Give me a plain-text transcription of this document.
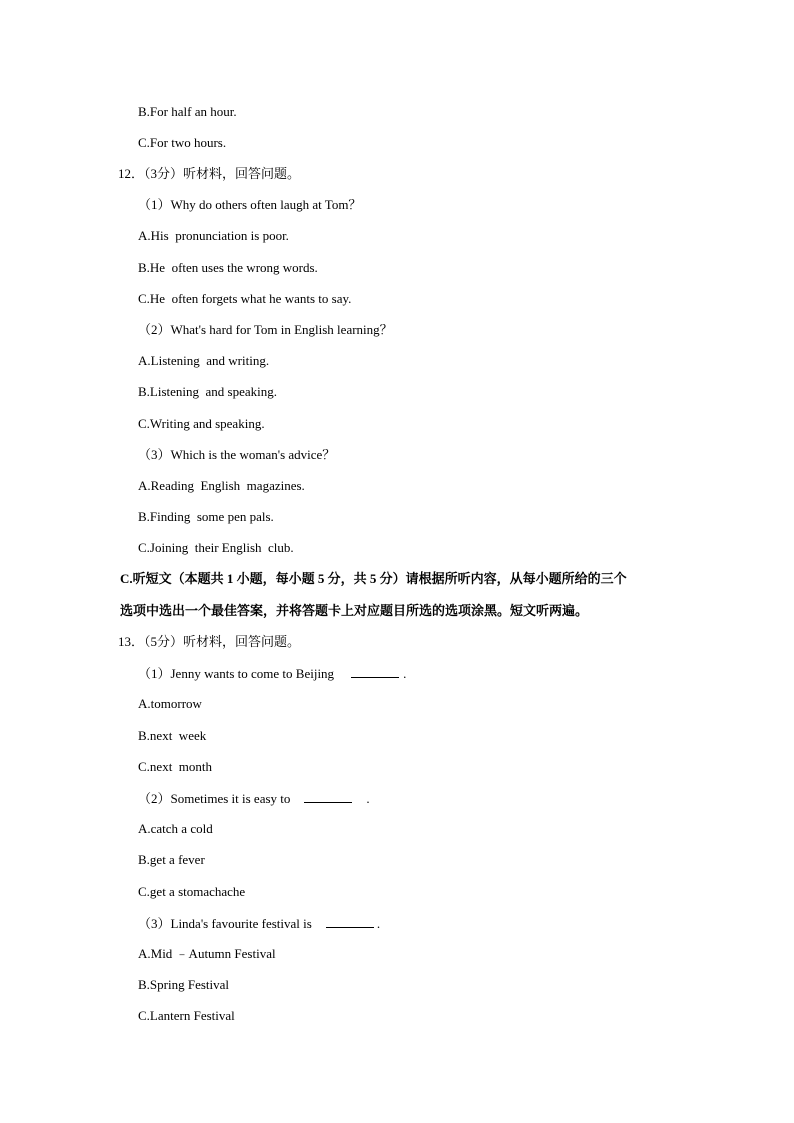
B.For half an hour.
C.For two hours.
12．（3分）听材料，回答问题。
（1）Why do others often laugh at Tom？
A.His  pronunciation is poor.
B.He  often uses the wrong words.
C.He  often forgets what he wants to say.
（2）What's hard for Tom in English learning？
A.Listening  and writing.
B.Listening  and speaking.
C.Writing and speaking.
（3）Which is the woman's advice？
A.Reading  English  magazines.
B.Finding  some pen pals.
C.Joining  their English  club.
C.听短文（本题共 1 小题，每小题 5 分，共 5 分）请根据所听内容，从每小题所给的三个
选项中选出一个最佳答案，并将答题卡上对应题目所选的选项涂黑。短文听两遍。
13．（5分）听材料，回答问题。
（1）Jenny wants to come to Beijing	.
A.tomorrow
B.next  week
C.next  month
（2）Sometimes it is easy to	.
A.catch a cold
B.get a fever
C.get a stomachache
（3）Linda's favourite festival is	.
A.Mid ﹣Autumn Festival
B.Spring Festival
C.Lantern Festival
